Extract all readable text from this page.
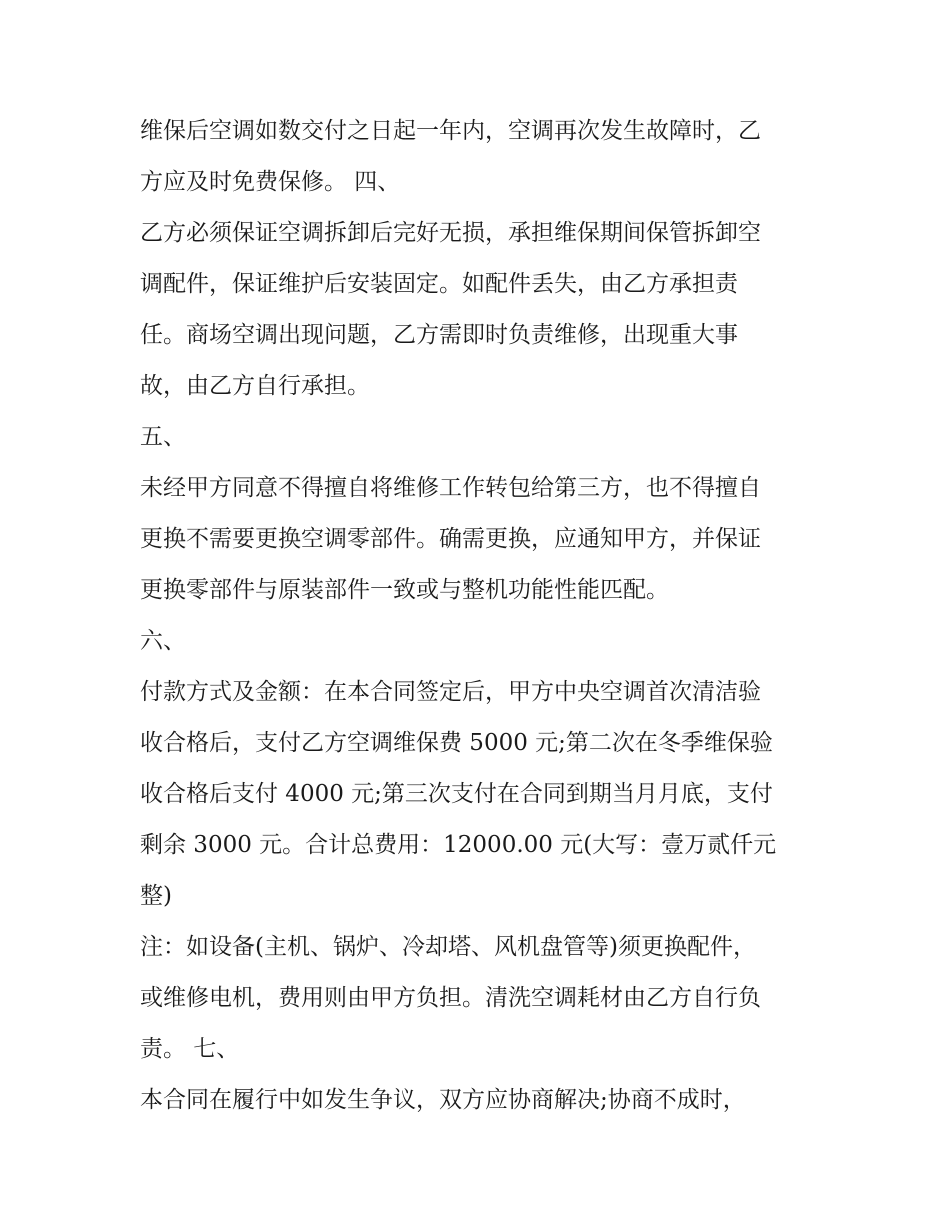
维保后空调如数交付之日起一年内，空调再次发生故障时，乙
方应及时免费保修。 四、
乙方必须保证空调拆卸后完好无损，承担维保期间保管拆卸空
调配件，保证维护后安装固定。如配件丢失，由乙方承担责
任。商场空调出现问题，乙方需即时负责维修，出现重大事
故，由乙方自行承担。
五、
未经甲方同意不得擅自将维修工作转包给第三方，也不得擅自
更换不需要更换空调零部件。确需更换，应通知甲方，并保证
更换零部件与原装部件一致或与整机功能性能匹配。
六、
付款方式及金额：在本合同签定后，甲方中央空调首次清洁验
收合格后，支付乙方空调维保费 5000 元;第二次在冬季维保验
收合格后支付 4000 元;第三次支付在合同到期当月月底，支付
剩余 3000 元。合计总费用：12000.00 元(大写：壹万贰仟元
整)
注：如设备(主机、锅炉、冷却塔、风机盘管等)须更换配件，
或维修电机，费用则由甲方负担。清洗空调耗材由乙方自行负
责。 七、
本合同在履行中如发生争议，双方应协商解决;协商不成时，
